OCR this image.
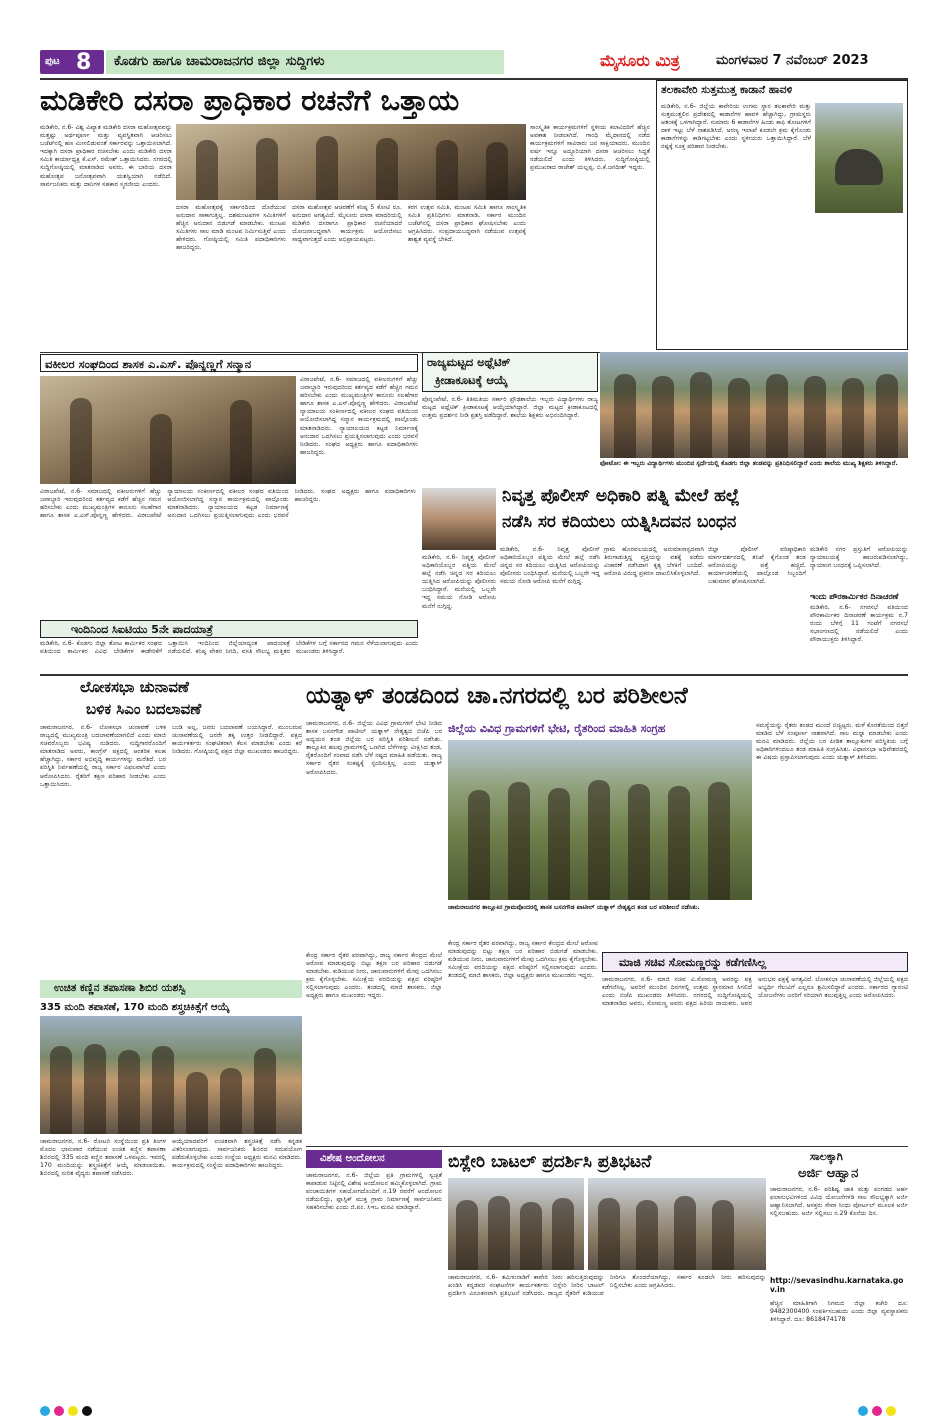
ಪುಟ 8 ಕೊಡಗು ಹಾಗೂ ಚಾಮರಾಜನಗರ ಜಿಲ್ಲಾ ಸುದ್ದಿಗಳು	ಮೈಸೂರು ಮಿತ್ರ	ಮಂಗಳವಾರ 7 ನವೆಂಬರ್ 2023
ಮಡಿಕೇರಿ ದಸರಾ ಪ್ರಾಧಿಕಾರ ರಚನೆಗೆ ಒತ್ತಾಯ
ಮಡಿಕೇರಿ, ನ.6- ವಿಶ್ವ ವಿಖ್ಯಾತ ಮಡಿಕೇರಿ ದಸರಾ ಮಹೋತ್ಸವವನ್ನು ಮತ್ತಷ್ಟು ಅರ್ಥಪೂರ್ಣ ಮತ್ತು ವ್ಯವಸ್ಥಿತವಾಗಿ ಆಚರಿಸಲು ಬಜೆಟ್‍ನಲ್ಲಿ ಹಣ ಮೀಸಲಿಡುವಂತೆ ಸರ್ಕಾರವನ್ನು ಒತ್ತಾಯಿಸಲಾಗಿದೆ. ಇದಕ್ಕಾಗಿ ದಸರಾ ಪ್ರಾಧಿಕಾರ ರಚಿಸಬೇಕು ಎಂದು ಮಡಿಕೇರಿ ದಸರಾ ಸಮಿತಿ ಕಾರ್ಯಾಧ್ಯಕ್ಷ ಕೆ.ಎಸ್. ರಮೇಶ್ ಒತ್ತಾಯಿಸಿದರು. ನಗರದಲ್ಲಿ ಸುದ್ದಿಗೋಷ್ಠಿಯಲ್ಲಿ ಮಾತನಾಡಿದ ಅವರು, ಈ ಬಾರಿಯ ದಸರಾ ಮಹೋತ್ಸವ ಜನೋತ್ಸವವಾಗಿ ಯಶಸ್ವಿಯಾಗಿ ನಡೆದಿದೆ. ಸಾರ್ವಜನಿಕರು ಮತ್ತು ದಾನಿಗಳ ಸಹಕಾರ ಸ್ಮರಣೀಯ ಎಂದರು.
ದಸರಾ ಮಹೋತ್ಸವಕ್ಕೆ ಸರ್ಕಾರದಿಂದ ದೊರೆಯುವ ಅನುದಾನ ಸಾಕಾಗುತ್ತಿಲ್ಲ. ದಶಮಂಟಪಗಳ ಸಮಿತಿಗಳಿಗೆ ಹೆಚ್ಚಿನ ಅನುದಾನ ಬಿಡುಗಡೆ ಮಾಡಬೇಕು. ಮಂಟಪ ಸಮಿತಿಗಳು ಸಾಲ ಮಾಡಿ ಮಂಟಪ ನಿರ್ಮಿಸುತ್ತಿವೆ ಎಂದು ಹೇಳಿದರು. ಗೋಷ್ಠಿಯಲ್ಲಿ ಸಮಿತಿ ಪದಾಧಿಕಾರಿಗಳು ಹಾಜರಿದ್ದರು.
ದಸರಾ ಮಹೋತ್ಸವ ಆಚರಣೆಗೆ ಕನಿಷ್ಠ 5 ಕೋಟಿ ರೂ. ಅನುದಾನ ಅಗತ್ಯವಿದೆ. ಮೈಸೂರು ದಸರಾ ಮಾದರಿಯಲ್ಲಿ ಮಡಿಕೇರಿ ದಸರಾಗೂ ಪ್ರಾಧಿಕಾರ ರಚನೆಯಾದರೆ ಯೋಜನಾಬದ್ಧವಾಗಿ ಕಾರ್ಯಕ್ರಮ ಆಯೋಜಿಸಲು ಸಾಧ್ಯವಾಗುತ್ತದೆ ಎಂದು ಅಭಿಪ್ರಾಯಪಟ್ಟರು.
ಕರಗ ಉತ್ಸವ ಸಮಿತಿ, ಮಂಟಪ ಸಮಿತಿ ಹಾಗೂ ಸಾಂಸ್ಕೃತಿಕ ಸಮಿತಿ ಪ್ರತಿನಿಧಿಗಳು ಮಾತನಾಡಿ, ಸರ್ಕಾರ ಮುಂದಿನ ಬಜೆಟ್‍ನಲ್ಲಿ ದಸರಾ ಪ್ರಾಧಿಕಾರ ಘೋಷಿಸಬೇಕು ಎಂದು ಆಗ್ರಹಿಸಿದರು. ಸಂಪ್ರದಾಯಬದ್ಧವಾಗಿ ನಡೆಯುವ ಉತ್ಸವಕ್ಕೆ ಶಾಶ್ವತ ವ್ಯವಸ್ಥೆ ಬೇಕಿದೆ.
ಸಾಂಸ್ಕೃತಿಕ ಕಾರ್ಯಕ್ರಮಗಳಿಗೆ ಸ್ಥಳೀಯ ಕಲಾವಿದರಿಗೆ ಹೆಚ್ಚಿನ ಅವಕಾಶ ನೀಡಲಾಗಿದೆ. ಗಾಂಧಿ ಮೈದಾನದಲ್ಲಿ ನಡೆದ ಕಾರ್ಯಕ್ರಮಗಳಿಗೆ ಸಾವಿರಾರು ಜನ ಸಾಕ್ಷಿಯಾದರು. ಮುಂದಿನ ವರ್ಷ ಇನ್ನೂ ಅದ್ಧೂರಿಯಾಗಿ ದಸರಾ ಆಚರಿಸಲು ಸಿದ್ಧತೆ ನಡೆಯಲಿದೆ ಎಂದು ತಿಳಿಸಿದರು. ಸುದ್ದಿಗೋಷ್ಠಿಯಲ್ಲಿ ಪ್ರಮುಖರಾದ ರಾಜೇಶ್ ಯಲ್ಲಪ್ಪ, ಬಿ.ಕೆ.ಜಗದೀಶ್ ಇದ್ದರು.
ತಲಕಾವೇರಿ ಸುತ್ತಮುತ್ತ ಕಾಡಾನೆ ಹಾವಳಿ
ಮಡಿಕೇರಿ, ನ.6- ಜಿಲ್ಲೆಯ ಕಾವೇರಿಯ ಉಗಮ ಸ್ಥಾನ ತಲಕಾವೇರಿ ಮತ್ತು ಸುತ್ತಮುತ್ತಲಿನ ಪ್ರದೇಶದಲ್ಲಿ ಕಾಡಾನೆಗಳ ಹಾವಳಿ ಹೆಚ್ಚಾಗಿದ್ದು, ಗ್ರಾಮಸ್ಥರು ಆತಂಕಕ್ಕೆ ಒಳಗಾಗಿದ್ದಾರೆ. ಸುಮಾರು 6 ಕಾಡಾನೆಗಳ ಹಿಂಡು ಕಾಫಿ ತೋಟಗಳಿಗೆ ದಾಳಿ ಇಟ್ಟು ಬೆಳೆ ನಾಶಪಡಿಸಿದೆ. ಅರಣ್ಯ ಇಲಾಖೆ ಕೂಡಲೇ ಕ್ರಮ ಕೈಗೊಂಡು ಕಾಡಾನೆಗಳನ್ನು ಕಾಡಿಗಟ್ಟಬೇಕು ಎಂದು ಸ್ಥಳೀಯರು ಒತ್ತಾಯಿಸಿದ್ದಾರೆ. ಬೆಳೆ ನಷ್ಟಕ್ಕೆ ಸೂಕ್ತ ಪರಿಹಾರ ನೀಡಬೇಕು.
ವಕೀಲರ ಸಂಘದಿಂದ ಶಾಸಕ ಎ.ಎಸ್. ಪೊನ್ನಣ್ಣಗೆ ಸನ್ಮಾನ
ವಿರಾಜಪೇಟೆ, ನ.6- ಸಮಾಜದಲ್ಲಿ ವಕೀಲರುಗಳಿಗೆ ಹೆಚ್ಚು ಜವಾಬ್ದಾರಿ ಇರುವುದರಿಂದ ಕರ್ತವ್ಯದ ಕಡೆಗೆ ಹೆಚ್ಚಿನ ಗಮನ ಹರಿಸಬೇಕು ಎಂದು ಮುಖ್ಯಮಂತ್ರಿಗಳ ಕಾನೂನು ಸಲಹೆಗಾರ ಹಾಗೂ ಶಾಸಕ ಎ.ಎಸ್.ಪೊನ್ನಣ್ಣ ಹೇಳಿದರು. ವಿರಾಜಪೇಟೆ ನ್ಯಾಯಾಲಯ ಸಂಕೀರ್ಣದಲ್ಲಿ ವಕೀಲರ ಸಂಘದ ವತಿಯಿಂದ ಆಯೋಜಿಸಲಾಗಿದ್ದ ಸನ್ಮಾನ ಕಾರ್ಯಕ್ರಮದಲ್ಲಿ ಪಾಲ್ಗೊಂಡು ಮಾತನಾಡಿದರು. ನ್ಯಾಯಾಲಯದ ಕಟ್ಟಡ ನಿರ್ಮಾಣಕ್ಕೆ ಅನುದಾನ ಒದಗಿಸಲು ಪ್ರಯತ್ನಿಸಲಾಗುವುದು ಎಂದು ಭರವಸೆ ನೀಡಿದರು. ಸಂಘದ ಅಧ್ಯಕ್ಷರು ಹಾಗೂ ಪದಾಧಿಕಾರಿಗಳು ಹಾಜರಿದ್ದರು.
ವಿರಾಜಪೇಟೆ, ನ.6- ಸಮಾಜದಲ್ಲಿ ವಕೀಲರುಗಳಿಗೆ ಹೆಚ್ಚು ಜವಾಬ್ದಾರಿ ಇರುವುದರಿಂದ ಕರ್ತವ್ಯದ ಕಡೆಗೆ ಹೆಚ್ಚಿನ ಗಮನ ಹರಿಸಬೇಕು ಎಂದು ಮುಖ್ಯಮಂತ್ರಿಗಳ ಕಾನೂನು ಸಲಹೆಗಾರ ಹಾಗೂ ಶಾಸಕ ಎ.ಎಸ್.ಪೊನ್ನಣ್ಣ ಹೇಳಿದರು. ವಿರಾಜಪೇಟೆ ನ್ಯಾಯಾಲಯ ಸಂಕೀರ್ಣದಲ್ಲಿ ವಕೀಲರ ಸಂಘದ ವತಿಯಿಂದ ಆಯೋಜಿಸಲಾಗಿದ್ದ ಸನ್ಮಾನ ಕಾರ್ಯಕ್ರಮದಲ್ಲಿ ಪಾಲ್ಗೊಂಡು ಮಾತನಾಡಿದರು. ನ್ಯಾಯಾಲಯದ ಕಟ್ಟಡ ನಿರ್ಮಾಣಕ್ಕೆ ಅನುದಾನ ಒದಗಿಸಲು ಪ್ರಯತ್ನಿಸಲಾಗುವುದು ಎಂದು ಭರವಸೆ ನೀಡಿದರು. ಸಂಘದ ಅಧ್ಯಕ್ಷರು ಹಾಗೂ ಪದಾಧಿಕಾರಿಗಳು ಹಾಜರಿದ್ದರು.
ರಾಜ್ಯಮಟ್ಟದ ಅಥ್ಲೆಟಿಕ್
ಕ್ರೀಡಾಕೂಟಕ್ಕೆ ಆಯ್ಕೆ
ಪೊನ್ನಂಪೇಟೆ, ನ.6- ತಿತಿಮತಿಯ ಸರ್ಕಾರಿ ಪ್ರೌಢಶಾಲೆಯ ಇಬ್ಬರು ವಿದ್ಯಾರ್ಥಿಗಳು ರಾಜ್ಯ ಮಟ್ಟದ ಅಥ್ಲೆಟಿಕ್ ಕ್ರೀಡಾಕೂಟಕ್ಕೆ ಆಯ್ಕೆಯಾಗಿದ್ದಾರೆ. ಜಿಲ್ಲಾ ಮಟ್ಟದ ಕ್ರೀಡಾಕೂಟದಲ್ಲಿ ಉತ್ತಮ ಪ್ರದರ್ಶನ ನೀಡಿ ಪ್ರಶಸ್ತಿ ಪಡೆದಿದ್ದಾರೆ. ಶಾಲೆಯ ಶಿಕ್ಷಕರು ಅಭಿನಂದಿಸಿದ್ದಾರೆ.
ಫೋಟೋ: ಈ ಇಬ್ಬರು ವಿದ್ಯಾರ್ಥಿಗಳು ಮುಂದಿನ ಸ್ಪರ್ಧೆಯಲ್ಲಿ ಕೊಡಗು ಜಿಲ್ಲಾ ತಂಡವನ್ನು ಪ್ರತಿನಿಧಿಸಲಿದ್ದಾರೆ ಎಂದು ಶಾಲೆಯ ಮುಖ್ಯ ಶಿಕ್ಷಕರು ತಿಳಿಸಿದ್ದಾರೆ.
ನಿವೃತ್ತ ಪೊಲೀಸ್ ಅಧಿಕಾರಿ ಪತ್ನಿ ಮೇಲೆ ಹಲ್ಲೆ
ನಡೆಸಿ ಸರ ಕದಿಯಲು ಯತ್ನಿಸಿದವನ ಬಂಧನ
ಮಡಿಕೇರಿ, ನ.6- ನಿವೃತ್ತ ಪೊಲೀಸ್ ಅಧಿಕಾರಿಯೊಬ್ಬರ ಪತ್ನಿಯ ಮೇಲೆ ಹಲ್ಲೆ ನಡೆಸಿ ಚಿನ್ನದ ಸರ ಕದಿಯಲು ಯತ್ನಿಸಿದ ಆರೋಪಿಯನ್ನು ಪೊಲೀಸರು ಬಂಧಿಸಿದ್ದಾರೆ. ಮನೆಯಲ್ಲಿ ಒಬ್ಬರೇ ಇದ್ದ ಸಮಯ ನೋಡಿ ಆರೋಪಿ ಮನೆಗೆ ನುಗ್ಗಿದ್ದ.
ಗ್ರಾಮ ಹೊರವಲಯದಲ್ಲಿ ಅನುಮಾನಾಸ್ಪದವಾಗಿ ತಿರುಗಾಡುತ್ತಿದ್ದ ವ್ಯಕ್ತಿಯನ್ನು ವಶಕ್ಕೆ ಪಡೆದು ವಿಚಾರಣೆ ನಡೆಸಿದಾಗ ಕೃತ್ಯ ಬೆಳಕಿಗೆ ಬಂದಿದೆ. ಆರೋಪಿ ವಿರುದ್ಧ ಪ್ರಕರಣ ದಾಖಲಿಸಿಕೊಳ್ಳಲಾಗಿದೆ.
ಜಿಲ್ಲಾ ಪೊಲೀಸ್ ವರಿಷ್ಠಾಧಿಕಾರಿ ಮಾರ್ಗದರ್ಶನದಲ್ಲಿ ತನಿಖೆ ಕೈಗೊಂಡ ತಂಡ ಆರೋಪಿಯನ್ನು ಪತ್ತೆ ಹಚ್ಚಿದೆ. ಕಾರ್ಯಾಚರಣೆಯಲ್ಲಿ ಪಾಲ್ಗೊಂಡ ಸಿಬ್ಬಂದಿಗೆ ಬಹುಮಾನ ಘೋಷಿಸಲಾಗಿದೆ.
ಮಡಿಕೇರಿ ನಗರ ಪ್ರಸ್ತುತಿಗೆ ಆರೋಪಿಯನ್ನು ನ್ಯಾಯಾಲಯಕ್ಕೆ ಹಾಜರುಪಡಿಸಲಾಗಿದ್ದು, ನ್ಯಾಯಾಂಗ ಬಂಧನಕ್ಕೆ ಒಪ್ಪಿಸಲಾಗಿದೆ.
ಮಡಿಕೇರಿ, ನ.6- ನಿವೃತ್ತ ಪೊಲೀಸ್ ಅಧಿಕಾರಿಯೊಬ್ಬರ ಪತ್ನಿಯ ಮೇಲೆ ಹಲ್ಲೆ ನಡೆಸಿ ಚಿನ್ನದ ಸರ ಕದಿಯಲು ಯತ್ನಿಸಿದ ಆರೋಪಿಯನ್ನು ಪೊಲೀಸರು ಬಂಧಿಸಿದ್ದಾರೆ. ಮನೆಯಲ್ಲಿ ಒಬ್ಬರೇ ಇದ್ದ ಸಮಯ ನೋಡಿ ಆರೋಪಿ ಮನೆಗೆ ನುಗ್ಗಿದ್ದ.
ಇಂದು ಪೌರಕಾರ್ಮಿಕರ ದಿನಾಚರಣೆ
ಮಡಿಕೇರಿ, ನ.6- ನಗರಸಭೆ ವತಿಯಿಂದ ಪೌರಕಾರ್ಮಿಕರ ದಿನಾಚರಣೆ ಕಾರ್ಯಕ್ರಮ ನ.7 ರಂದು ಬೆಳಿಗ್ಗೆ 11 ಗಂಟೆಗೆ ನಗರಸಭೆ ಸಭಾಂಗಣದಲ್ಲಿ ನಡೆಯಲಿದೆ ಎಂದು ಪೌರಾಯುಕ್ತರು ತಿಳಿಸಿದ್ದಾರೆ.
ಇಂದಿನಿಂದ ಸಿಐಟಿಯು 5ನೇ ಪಾದಯಾತ್ರೆ
ಮಡಿಕೇರಿ, ನ.6- ಕೊಡಗು ಜಿಲ್ಲಾ ತೋಟ ಕಾರ್ಮಿಕರ ಸಂಘದ ವತಿಯಿಂದ ಕಾರ್ಮಿಕರ ವಿವಿಧ ಬೇಡಿಕೆಗಳ ಈಡೇರಿಕೆಗೆ ಒತ್ತಾಯಿಸಿ ಇಂದಿನಿಂದ ಜಿಲ್ಲೆಯಾದ್ಯಂತ ಪಾದಯಾತ್ರೆ ನಡೆಯಲಿದೆ. ಕನಿಷ್ಠ ವೇತನ ನಿಗದಿ, ವಸತಿ ಸೌಲಭ್ಯ ಮತ್ತಿತರ ಬೇಡಿಕೆಗಳ ಬಗ್ಗೆ ಸರ್ಕಾರದ ಗಮನ ಸೆಳೆಯಲಾಗುವುದು ಎಂದು ಮುಖಂಡರು ತಿಳಿಸಿದ್ದಾರೆ.
ಲೋಕಸಭಾ ಚುನಾವಣೆ
ಬಳಿಕ ಸಿಎಂ ಬದಲಾವಣೆ
ಚಾಮರಾಜನಗರ, ನ.6- ಲೋಕಸಭಾ ಚುನಾವಣೆ ಬಳಿಕ ರಾಜ್ಯದಲ್ಲಿ ಮುಖ್ಯಮಂತ್ರಿ ಬದಲಾವಣೆಯಾಗಲಿದೆ ಎಂದು ಮಾಜಿ ಸಚಿವರೊಬ್ಬರು ಭವಿಷ್ಯ ನುಡಿದರು. ಸುದ್ದಿಗಾರರೊಂದಿಗೆ ಮಾತನಾಡಿದ ಅವರು, ಕಾಂಗ್ರೆಸ್ ಪಕ್ಷದಲ್ಲಿ ಆಂತರಿಕ ಕಲಹ ಹೆಚ್ಚಾಗಿದ್ದು, ಸರ್ಕಾರ ಅಭಿವೃದ್ಧಿ ಕಾರ್ಯಗಳನ್ನು ಮರೆತಿದೆ. ಬರ ಪರಿಸ್ಥಿತಿ ನಿರ್ವಹಣೆಯಲ್ಲಿ ರಾಜ್ಯ ಸರ್ಕಾರ ವಿಫಲವಾಗಿದೆ ಎಂದು ಆರೋಪಿಸಿದರು. ರೈತರಿಗೆ ತಕ್ಷಣ ಪರಿಹಾರ ನೀಡಬೇಕು ಎಂದು ಒತ್ತಾಯಿಸಿದರು.
ಬಂಡಿ ಅಲ್ಲ, ಜನರು ಬದಲಾವಣೆ ಬಯಸಿದ್ದಾರೆ. ಮುಂಬರುವ ಚುನಾವಣೆಯಲ್ಲಿ ಜನರೇ ತಕ್ಕ ಉತ್ತರ ನೀಡಲಿದ್ದಾರೆ. ಪಕ್ಷದ ಕಾರ್ಯಕರ್ತರು ಸಂಘಟಿತರಾಗಿ ಕೆಲಸ ಮಾಡಬೇಕು ಎಂದು ಕರೆ ನೀಡಿದರು. ಗೋಷ್ಠಿಯಲ್ಲಿ ಪಕ್ಷದ ಜಿಲ್ಲಾ ಮುಖಂಡರು ಹಾಜರಿದ್ದರು.
ಉಚಿತ ಕಣ್ಣಿನ ತಪಾಸಣಾ ಶಿಬಿರ ಯಶಸ್ವಿ
335 ಮಂದಿ ತಪಾಸಣೆ, 170 ಮಂದಿ ಶಸ್ತ್ರಚಿಕಿತ್ಸೆಗೆ ಆಯ್ಕೆ
ಚಾಮರಾಜನಗರ, ನ.6- ರೋಟರಿ ಸಂಸ್ಥೆಯಿಂದ ಪ್ರತಿ ತಿಂಗಳ ಮೊದಲ ಭಾನುವಾರ ನಡೆಯುವ ಉಚಿತ ಕಣ್ಣಿನ ತಪಾಸಣಾ ಶಿಬಿರದಲ್ಲಿ 335 ಮಂದಿ ಕಣ್ಣಿನ ತಪಾಸಣೆ ಒಳಪಟ್ಟರು. ಇವರಲ್ಲಿ 170 ಮಂದಿಯನ್ನು ಶಸ್ತ್ರಚಿಕಿತ್ಸೆಗೆ ಆಯ್ಕೆ ಮಾಡಲಾಯಿತು. ಶಿಬಿರದಲ್ಲಿ ನುರಿತ ವೈದ್ಯರು ತಪಾಸಣೆ ನಡೆಸಿದರು.
ಆಯ್ಕೆಯಾದವರಿಗೆ ಉಚಿತವಾಗಿ ಶಸ್ತ್ರಚಿಕಿತ್ಸೆ ನಡೆಸಿ ಕನ್ನಡಕ ವಿತರಿಸಲಾಗುವುದು. ಸಾರ್ವಜನಿಕರು ಶಿಬಿರದ ಸದುಪಯೋಗ ಪಡೆದುಕೊಳ್ಳಬೇಕು ಎಂದು ಸಂಸ್ಥೆಯ ಅಧ್ಯಕ್ಷರು ಮನವಿ ಮಾಡಿದರು. ಕಾರ್ಯಕ್ರಮದಲ್ಲಿ ಸಂಸ್ಥೆಯ ಪದಾಧಿಕಾರಿಗಳು ಹಾಜರಿದ್ದರು.
ಯತ್ನಾಳ್ ತಂಡದಿಂದ ಚಾ.ನಗರದಲ್ಲಿ ಬರ ಪರಿಶೀಲನೆ
ಚಾಮರಾಜನಗರ, ನ.6- ಜಿಲ್ಲೆಯ ವಿವಿಧ ಗ್ರಾಮಗಳಿಗೆ ಭೇಟಿ ನೀಡಿದ ಶಾಸಕ ಬಸನಗೌಡ ಪಾಟೀಲ್ ಯತ್ನಾಳ್ ನೇತೃತ್ವದ ಬಿಜೆಪಿ ಬರ ಅಧ್ಯಯನ ತಂಡ ಜಿಲ್ಲೆಯ ಬರ ಪರಿಸ್ಥಿತಿ ಪರಿಶೀಲನೆ ನಡೆಸಿತು. ತಾಲ್ಲೂಕಿನ ಹಲವು ಗ್ರಾಮಗಳಲ್ಲಿ ಒಣಗಿದ ಬೆಳೆಗಳನ್ನು ವೀಕ್ಷಿಸಿದ ತಂಡ, ರೈತರೊಂದಿಗೆ ಸಂವಾದ ನಡೆಸಿ ಬೆಳೆ ನಷ್ಟದ ಮಾಹಿತಿ ಪಡೆಯಿತು. ರಾಜ್ಯ ಸರ್ಕಾರ ರೈತರ ಸಂಕಷ್ಟಕ್ಕೆ ಸ್ಪಂದಿಸುತ್ತಿಲ್ಲ ಎಂದು ಯತ್ನಾಳ್ ಆರೋಪಿಸಿದರು.
ಜಿಲ್ಲೆಯ ವಿವಿಧ ಗ್ರಾಮಗಳಿಗೆ ಭೇಟಿ, ರೈತರಿಂದ ಮಾಹಿತಿ ಸಂಗ್ರಹ
ಚಾಮರಾಜನಗರ ತಾಲ್ಲೂಕಿನ ಗ್ರಾಮವೊಂದರಲ್ಲಿ ಶಾಸಕ ಬಸನಗೌಡ ಪಾಟೀಲ್ ಯತ್ನಾಳ್ ನೇತೃತ್ವದ ತಂಡ ಬರ ಪರಿಶೀಲನೆ ನಡೆಸಿತು.
ಕೇಂದ್ರ ಸರ್ಕಾರ ರೈತರ ಪರವಾಗಿದ್ದು, ರಾಜ್ಯ ಸರ್ಕಾರ ಕೇಂದ್ರದ ಮೇಲೆ ಆರೋಪ ಮಾಡುವುದನ್ನು ಬಿಟ್ಟು ತಕ್ಷಣ ಬರ ಪರಿಹಾರ ಬಿಡುಗಡೆ ಮಾಡಬೇಕು. ಕುಡಿಯುವ ನೀರು, ಜಾನುವಾರುಗಳಿಗೆ ಮೇವು ಒದಗಿಸಲು ಕ್ರಮ ಕೈಗೊಳ್ಳಬೇಕು. ಸಮೀಕ್ಷೆಯ ವರದಿಯನ್ನು ಪಕ್ಷದ ವರಿಷ್ಠರಿಗೆ ಸಲ್ಲಿಸಲಾಗುವುದು ಎಂದರು. ತಂಡದಲ್ಲಿ ಮಾಜಿ ಶಾಸಕರು, ಜಿಲ್ಲಾ ಅಧ್ಯಕ್ಷರು ಹಾಗೂ ಮುಖಂಡರು ಇದ್ದರು.
ಸಮಸ್ಯೆಯನ್ನು ರೈತರು ತಂಡದ ಮುಂದೆ ಬಿಚ್ಚಿಟ್ಟರು. ಮಳೆ ಕೊರತೆಯಿಂದ ಬಿತ್ತನೆ ಮಾಡಿದ ಬೆಳೆ ಸಂಪೂರ್ಣ ನಾಶವಾಗಿದೆ. ಸಾಲ ಮನ್ನಾ ಮಾಡಬೇಕು ಎಂದು ಮನವಿ ಮಾಡಿದರು. ಜಿಲ್ಲೆಯ ಬರ ಪೀಡಿತ ತಾಲ್ಲೂಕುಗಳ ಪರಿಸ್ಥಿತಿಯ ಬಗ್ಗೆ ಅಧಿಕಾರಿಗಳಿಂದಲೂ ತಂಡ ಮಾಹಿತಿ ಸಂಗ್ರಹಿಸಿತು. ವಿಧಾನಸಭಾ ಅಧಿವೇಶನದಲ್ಲಿ ಈ ವಿಷಯ ಪ್ರಸ್ತಾಪಿಸಲಾಗುವುದು ಎಂದು ಯತ್ನಾಳ್ ತಿಳಿಸಿದರು.
ಕೇಂದ್ರ ಸರ್ಕಾರ ರೈತರ ಪರವಾಗಿದ್ದು, ರಾಜ್ಯ ಸರ್ಕಾರ ಕೇಂದ್ರದ ಮೇಲೆ ಆರೋಪ ಮಾಡುವುದನ್ನು ಬಿಟ್ಟು ತಕ್ಷಣ ಬರ ಪರಿಹಾರ ಬಿಡುಗಡೆ ಮಾಡಬೇಕು. ಕುಡಿಯುವ ನೀರು, ಜಾನುವಾರುಗಳಿಗೆ ಮೇವು ಒದಗಿಸಲು ಕ್ರಮ ಕೈಗೊಳ್ಳಬೇಕು. ಸಮೀಕ್ಷೆಯ ವರದಿಯನ್ನು ಪಕ್ಷದ ವರಿಷ್ಠರಿಗೆ ಸಲ್ಲಿಸಲಾಗುವುದು ಎಂದರು. ತಂಡದಲ್ಲಿ ಮಾಜಿ ಶಾಸಕರು, ಜಿಲ್ಲಾ ಅಧ್ಯಕ್ಷರು ಹಾಗೂ ಮುಖಂಡರು ಇದ್ದರು.
ಮಾಜಿ ಸಚಿವ ಸೋಮಣ್ಣರನ್ನು ಕಡೆಗಣಿಸಿಲ್ಲ
ಚಾಮರಾಜನಗರ, ನ.6- ಮಾಜಿ ಸಚಿವ ವಿ.ಸೋಮಣ್ಣ ಅವರನ್ನು ಪಕ್ಷ ಕಡೆಗಣಿಸಿಲ್ಲ. ಅವರಿಗೆ ಮುಂದಿನ ದಿನಗಳಲ್ಲಿ ಉತ್ತಮ ಸ್ಥಾನಮಾನ ಸಿಗಲಿದೆ ಎಂದು ಬಿಜೆಪಿ ಮುಖಂಡರು ತಿಳಿಸಿದರು. ನಗರದಲ್ಲಿ ಸುದ್ದಿಗೋಷ್ಠಿಯಲ್ಲಿ ಮಾತನಾಡಿದ ಅವರು, ಸೋಮಣ್ಣ ಅವರು ಪಕ್ಷದ ಹಿರಿಯ ನಾಯಕರು. ಅವರ ಅನುಭವ ಪಕ್ಷಕ್ಕೆ ಅಗತ್ಯವಿದೆ. ಲೋಕಸಭಾ ಚುನಾವಣೆಯಲ್ಲಿ ಜಿಲ್ಲೆಯಲ್ಲಿ ಪಕ್ಷದ ಅಭ್ಯರ್ಥಿ ಗೆಲುವಿಗೆ ಎಲ್ಲರೂ ಶ್ರಮಿಸಲಿದ್ದಾರೆ ಎಂದರು. ಸರ್ಕಾರದ ಗ್ಯಾರಂಟಿ ಯೋಜನೆಗಳು ಜನರಿಗೆ ಸರಿಯಾಗಿ ತಲುಪುತ್ತಿಲ್ಲ ಎಂದು ಆರೋಪಿಸಿದರು.
ವಿಶೇಷ ಆಂದೋಲನ
ಚಾಮರಾಜನಗರ, ನ.6- ಜಿಲ್ಲೆಯ ಪ್ರತಿ ಗ್ರಾಮಗಳಲ್ಲಿ ಸ್ವಚ್ಛತೆ ಕಾಪಾಡುವ ನಿಟ್ಟಿನಲ್ಲಿ ವಿಶೇಷ ಆಂದೋಲನ ಹಮ್ಮಿಕೊಳ್ಳಲಾಗಿದೆ. ಗ್ರಾಮ ಪಂಚಾಯಿತಿಗಳ ಸಹಯೋಗದೊಂದಿಗೆ ನ.19 ರವರೆಗೆ ಆಂದೋಲನ ನಡೆಯಲಿದ್ದು, ಪ್ಲಾಸ್ಟಿಕ್ ಮುಕ್ತ ಗ್ರಾಮ ನಿರ್ಮಾಣಕ್ಕೆ ಸಾರ್ವಜನಿಕರು ಸಹಕರಿಸಬೇಕು ಎಂದು ಜಿ.ಪಂ. ಸಿಇಒ ಮನವಿ ಮಾಡಿದ್ದಾರೆ.
ಬಿಸ್ಲೇರಿ ಬಾಟಲ್ ಪ್ರದರ್ಶಿಸಿ ಪ್ರತಿಭಟನೆ
ಚಾಮರಾಜನಗರ, ನ.6- ತಮಿಳುನಾಡಿಗೆ ಕಾವೇರಿ ನೀರು ಹರಿಸುತ್ತಿರುವುದನ್ನು ಖಂಡಿಸಿ ಕನ್ನಡಪರ ಸಂಘಟನೆಗಳ ಕಾರ್ಯಕರ್ತರು ಬಿಸ್ಲೇರಿ ನೀರಿನ ಬಾಟಲ್ ಪ್ರದರ್ಶಿಸಿ ವಿನೂತನವಾಗಿ ಪ್ರತಿಭಟನೆ ನಡೆಸಿದರು. ರಾಜ್ಯದ ರೈತರಿಗೆ ಕುಡಿಯುವ ನೀರಿಗೂ ತೊಂದರೆಯಾಗಿದ್ದು, ಸರ್ಕಾರ ಕೂಡಲೇ ನೀರು ಹರಿಸುವುದನ್ನು ನಿಲ್ಲಿಸಬೇಕು ಎಂದು ಆಗ್ರಹಿಸಿದರು.
ಸಾಲಕ್ಕಾಗಿ
ಅರ್ಜಿ ಆಹ್ವಾನ
ಚಾಮರಾಜನಗರ, ನ.6- ಪರಿಶಿಷ್ಟ ಜಾತಿ ಮತ್ತು ಪಂಗಡದ ಅರ್ಹ ಫಲಾನುಭವಿಗಳಿಂದ ವಿವಿಧ ಯೋಜನೆಗಳಡಿ ಸಾಲ ಸೌಲಭ್ಯಕ್ಕಾಗಿ ಅರ್ಜಿ ಆಹ್ವಾನಿಸಲಾಗಿದೆ. ಆಸಕ್ತರು ಸೇವಾ ಸಿಂಧು ಪೋರ್ಟಲ್ ಮೂಲಕ ಅರ್ಜಿ ಸಲ್ಲಿಸಬಹುದು. ಅರ್ಜಿ ಸಲ್ಲಿಸಲು ನ.29 ಕೊನೆಯ ದಿನ.
http://sevasindhu.karnataka.gov.in
ಹೆಚ್ಚಿನ ಮಾಹಿತಿಗಾಗಿ ನಿಗಮದ ಜಿಲ್ಲಾ ಕಚೇರಿ ದೂ: 9482300400 ಸಂಪರ್ಕಿಸಬಹುದು ಎಂದು ಜಿಲ್ಲಾ ವ್ಯವಸ್ಥಾಪಕರು ತಿಳಿಸಿದ್ದಾರೆ. ದೂ: 8618474178
